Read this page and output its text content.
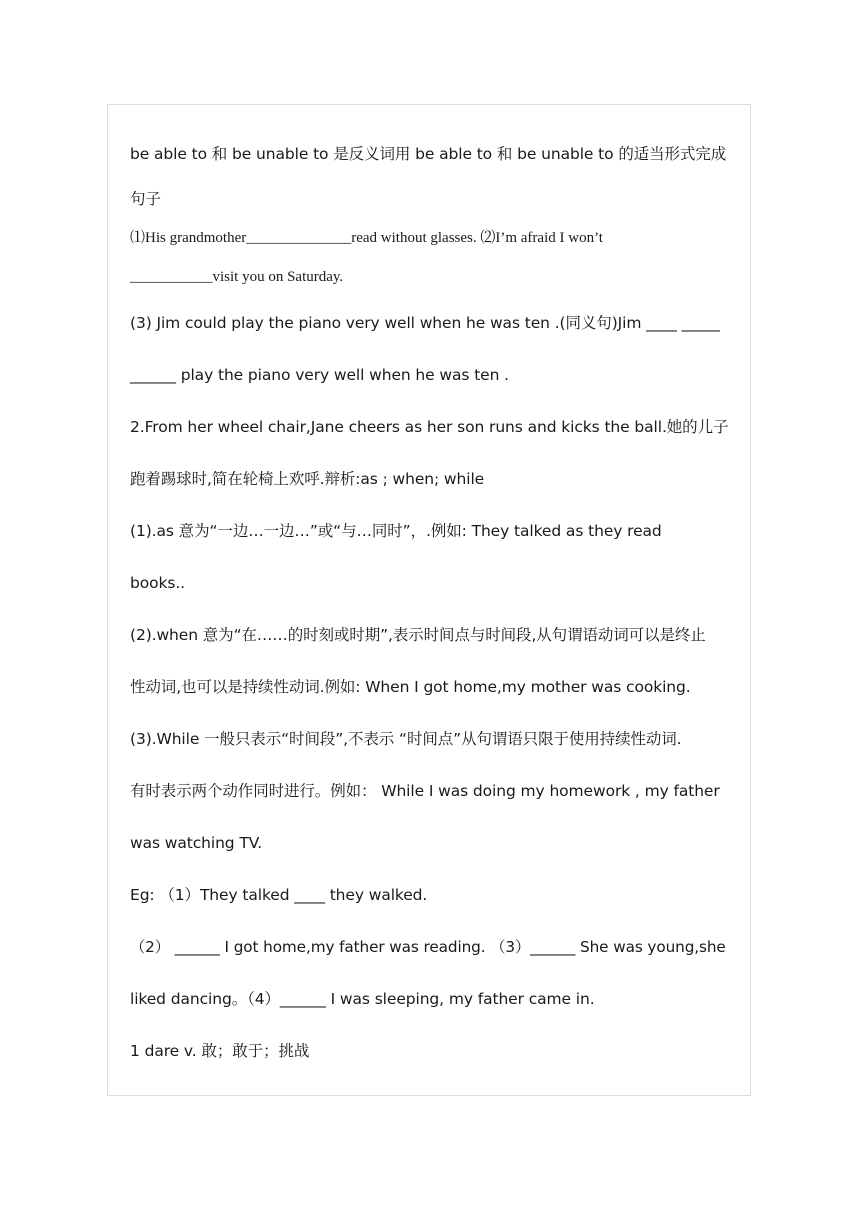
be able to 和 be unable to 是反义词用 be able to 和 be unable to 的适当形式完成
句子
⑴His grandmother______________read without glasses. ⑵I’m afraid I won’t
___________visit you on Saturday.
(3) Jim could play the piano very well when he was ten .(同义句)Jim ____ _____
______ play the piano very well when he was ten .
2.From her wheel chair,Jane cheers as her son runs and kicks the ball.她的儿子
跑着踢球时,简在轮椅上欢呼.辩析:as ; when; while
(1).as 意为“一边…一边…”或“与…同时”，.例如: They talked as they read
books..
(2).when 意为“在……的时刻或时期”,表示时间点与时间段,从句谓语动词可以是终止
性动词,也可以是持续性动词.例如: When I got home,my mother was cooking.
(3).While 一般只表示“时间段”,不表示 “时间点”从句谓语只限于使用持续性动词.
有时表示两个动作同时进行。例如： While I was doing my homework , my father
was watching TV.
Eg: （1）They talked ____ they walked.
（2） ______ I got home,my father was reading. （3）______ She was young,she
liked dancing。（4）______ I was sleeping, my father came in.
1 dare v. 敢；敢于；挑战
